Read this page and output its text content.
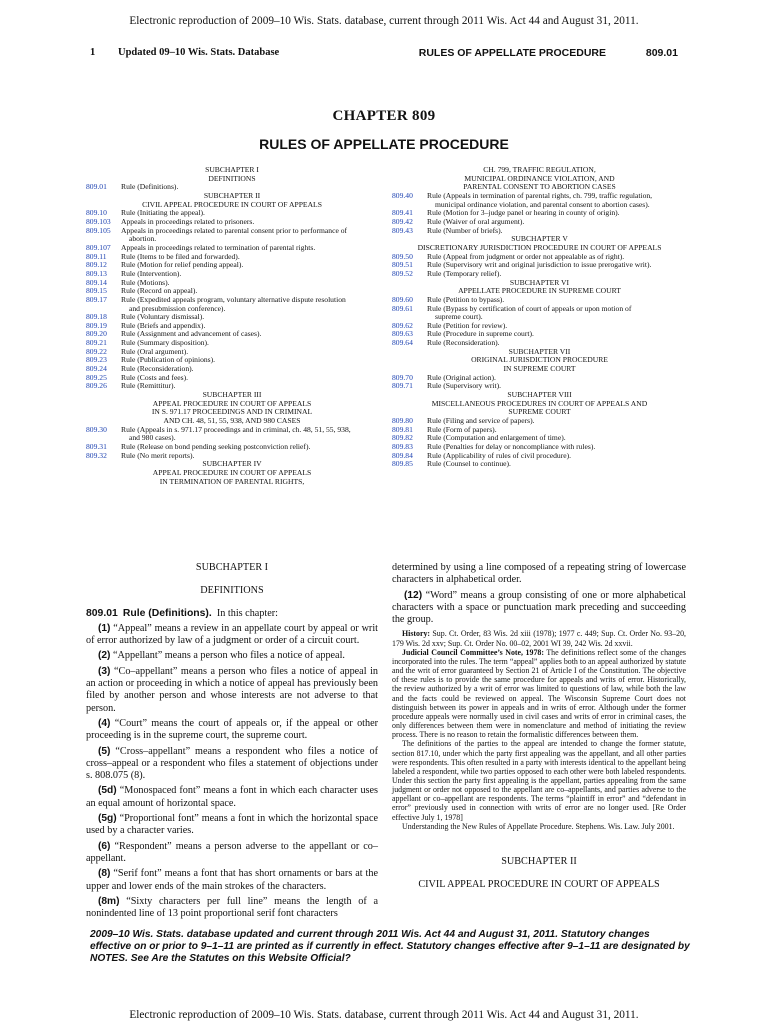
Electronic reproduction of 2009–10 Wis. Stats. database, current through 2011 Wis. Act 44 and August 31, 2011.
1 Updated 09–10 Wis. Stats. Database	RULES OF APPELLATE PROCEDURE	809.01
CHAPTER 809
RULES OF APPELLATE PROCEDURE
SUBCHAPTER I
DEFINITIONS
809.01	Rule (Definitions).
SUBCHAPTER II
CIVIL APPEAL PROCEDURE IN COURT OF APPEALS
809.10	Rule (Initiating the appeal).
809.103	Appeals in proceedings related to prisoners.
809.105	Appeals in proceedings related to parental consent prior to performance of
abortion.
809.107	Appeals in proceedings related to termination of parental rights.
809.11	Rule (Items to be filed and forwarded).
809.12	Rule (Motion for relief pending appeal).
809.13	Rule (Intervention).
809.14	Rule (Motions).
809.15	Rule (Record on appeal).
809.17	Rule (Expedited appeals program, voluntary alternative dispute resolution
and presubmission conference).
809.18	Rule (Voluntary dismissal).
809.19	Rule (Briefs and appendix).
809.20	Rule (Assignment and advancement of cases).
809.21	Rule (Summary disposition).
809.22	Rule (Oral argument).
809.23	Rule (Publication of opinions).
809.24	Rule (Reconsideration).
809.25	Rule (Costs and fees).
809.26	Rule (Remittitur).
SUBCHAPTER III
APPEAL PROCEDURE IN COURT OF APPEALS
IN S. 971.17 PROCEEDINGS AND IN CRIMINAL
AND CH. 48, 51, 55, 938, AND 980 CASES
809.30	Rule (Appeals in s. 971.17 proceedings and in criminal, ch. 48, 51, 55, 938,
and 980 cases).
809.31	Rule (Release on bond pending seeking postconviction relief).
809.32	Rule (No merit reports).
SUBCHAPTER IV
APPEAL PROCEDURE IN COURT OF APPEALS
IN TERMINATION OF PARENTAL RIGHTS,
CH. 799, TRAFFIC REGULATION,
MUNICIPAL ORDINANCE VIOLATION, AND
PARENTAL CONSENT TO ABORTION CASES
809.40	Rule (Appeals in termination of parental rights, ch. 799, traffic regulation,
municipal ordinance violation, and parental consent to abortion cases).
809.41	Rule (Motion for 3–judge panel or hearing in county of origin).
809.42	Rule (Waiver of oral argument).
809.43	Rule (Number of briefs).
SUBCHAPTER V
DISCRETIONARY JURISDICTION PROCEDURE IN COURT OF APPEALS
809.50	Rule (Appeal from judgment or order not appealable as of right).
809.51	Rule (Supervisory writ and original jurisdiction to issue prerogative writ).
809.52	Rule (Temporary relief).
SUBCHAPTER VI
APPELLATE PROCEDURE IN SUPREME COURT
809.60	Rule (Petition to bypass).
809.61	Rule (Bypass by certification of court of appeals or upon motion of
supreme court).
809.62	Rule (Petition for review).
809.63	Rule (Procedure in supreme court).
809.64	Rule (Reconsideration).
SUBCHAPTER VII
ORIGINAL JURISDICTION PROCEDURE
IN SUPREME COURT
809.70	Rule (Original action).
809.71	Rule (Supervisory writ).
SUBCHAPTER VIII
MISCELLANEOUS PROCEDURES IN COURT OF APPEALS AND
SUPREME COURT
809.80	Rule (Filing and service of papers).
809.81	Rule (Form of papers).
809.82	Rule (Computation and enlargement of time).
809.83	Rule (Penalties for delay or noncompliance with rules).
809.84	Rule (Applicability of rules of civil procedure).
809.85	Rule (Counsel to continue).

SUBCHAPTER I

DEFINITIONS

809.01 Rule (Definitions). In this chapter:

(1) “Appeal” means a review in an appellate court by appeal or writ of error authorized by law of a judgment or order of a circuit court.

(2) “Appellant” means a person who files a notice of appeal.

(3) “Co–appellant” means a person who files a notice of appeal in an action or proceeding in which a notice of appeal has previously been filed by another person and whose interests are not adverse to that person.

(4) “Court” means the court of appeals or, if the appeal or other proceeding is in the supreme court, the supreme court.

(5) “Cross–appellant” means a respondent who files a notice of cross–appeal or a respondent who files a statement of objections under s. 808.075 (8).

(5d) “Monospaced font” means a font in which each character uses an equal amount of horizontal space.

(5g) “Proportional font” means a font in which the horizontal space used by a character varies.

(6) “Respondent” means a person adverse to the appellant or co–appellant.

(8) “Serif font” means a font that has short ornaments or bars at the upper and lower ends of the main strokes of the characters.

(8m) “Sixty characters per full line” means the length of a nonindented line of 13 point proportional serif font characters

determined by using a line composed of a repeating string of lowercase characters in alphabetical order.

(12) “Word” means a group consisting of one or more alphabetical characters with a space or punctuation mark preceding and succeeding the group.

History: Sup. Ct. Order, 83 Wis. 2d xiii (1978); 1977 c. 449; Sup. Ct. Order No. 93–20, 179 Wis. 2d xxv; Sup. Ct. Order No. 00–02, 2001 WI 39, 242 Wis. 2d xxvii.

Judicial Council Committee’s Note, 1978: The definitions reflect some of the changes incorporated into the rules. The term “appeal” applies both to an appeal authorized by statute and the writ of error guaranteed by Section 21 of Article I of the Constitution. The objective of these rules is to provide the same procedure for appeals and writs of error. Historically, the review authorized by a writ of error was limited to questions of law, while both the law and the facts could be reviewed on appeal. The Wisconsin Supreme Court does not distinguish between its power in appeals and in writs of error. Although under the former procedure appeals were normally used in civil cases and writs of error in criminal cases, the only differences between them were in nomenclature and method of initiating the review process. There is no reason to retain the formalistic differences between them.

The definitions of the parties to the appeal are intended to change the former statute, section 817.10, under which the party first appealing was the appellant, and all other parties were respondents. This often resulted in a party with interests identical to the appellant being labeled a respondent, while two parties opposed to each other were both labeled respondents. Under this section the party first appealing is the appellant, parties appealing from the same judgment or order not opposed to the appellant are co–appellants, and parties adverse to the appellant or co–appellant are respondents. The terms “plaintiff in error” and “defendant in error” previously used in connection with writs of error are no longer used. [Re Order effective July 1, 1978]

Understanding the New Rules of Appellate Procedure. Stephens. Wis. Law. July 2001.

SUBCHAPTER II

CIVIL APPEAL PROCEDURE IN COURT OF APPEALS

2009–10 Wis. Stats. database updated and current through 2011 Wis. Act 44 and August 31, 2011. Statutory changes effective on or prior to 9–1–11 are printed as if currently in effect. Statutory changes effective after 9–1–11 are designated by NOTES. See Are the Statutes on this Website Official?
Electronic reproduction of 2009–10 Wis. Stats. database, current through 2011 Wis. Act 44 and August 31, 2011.
